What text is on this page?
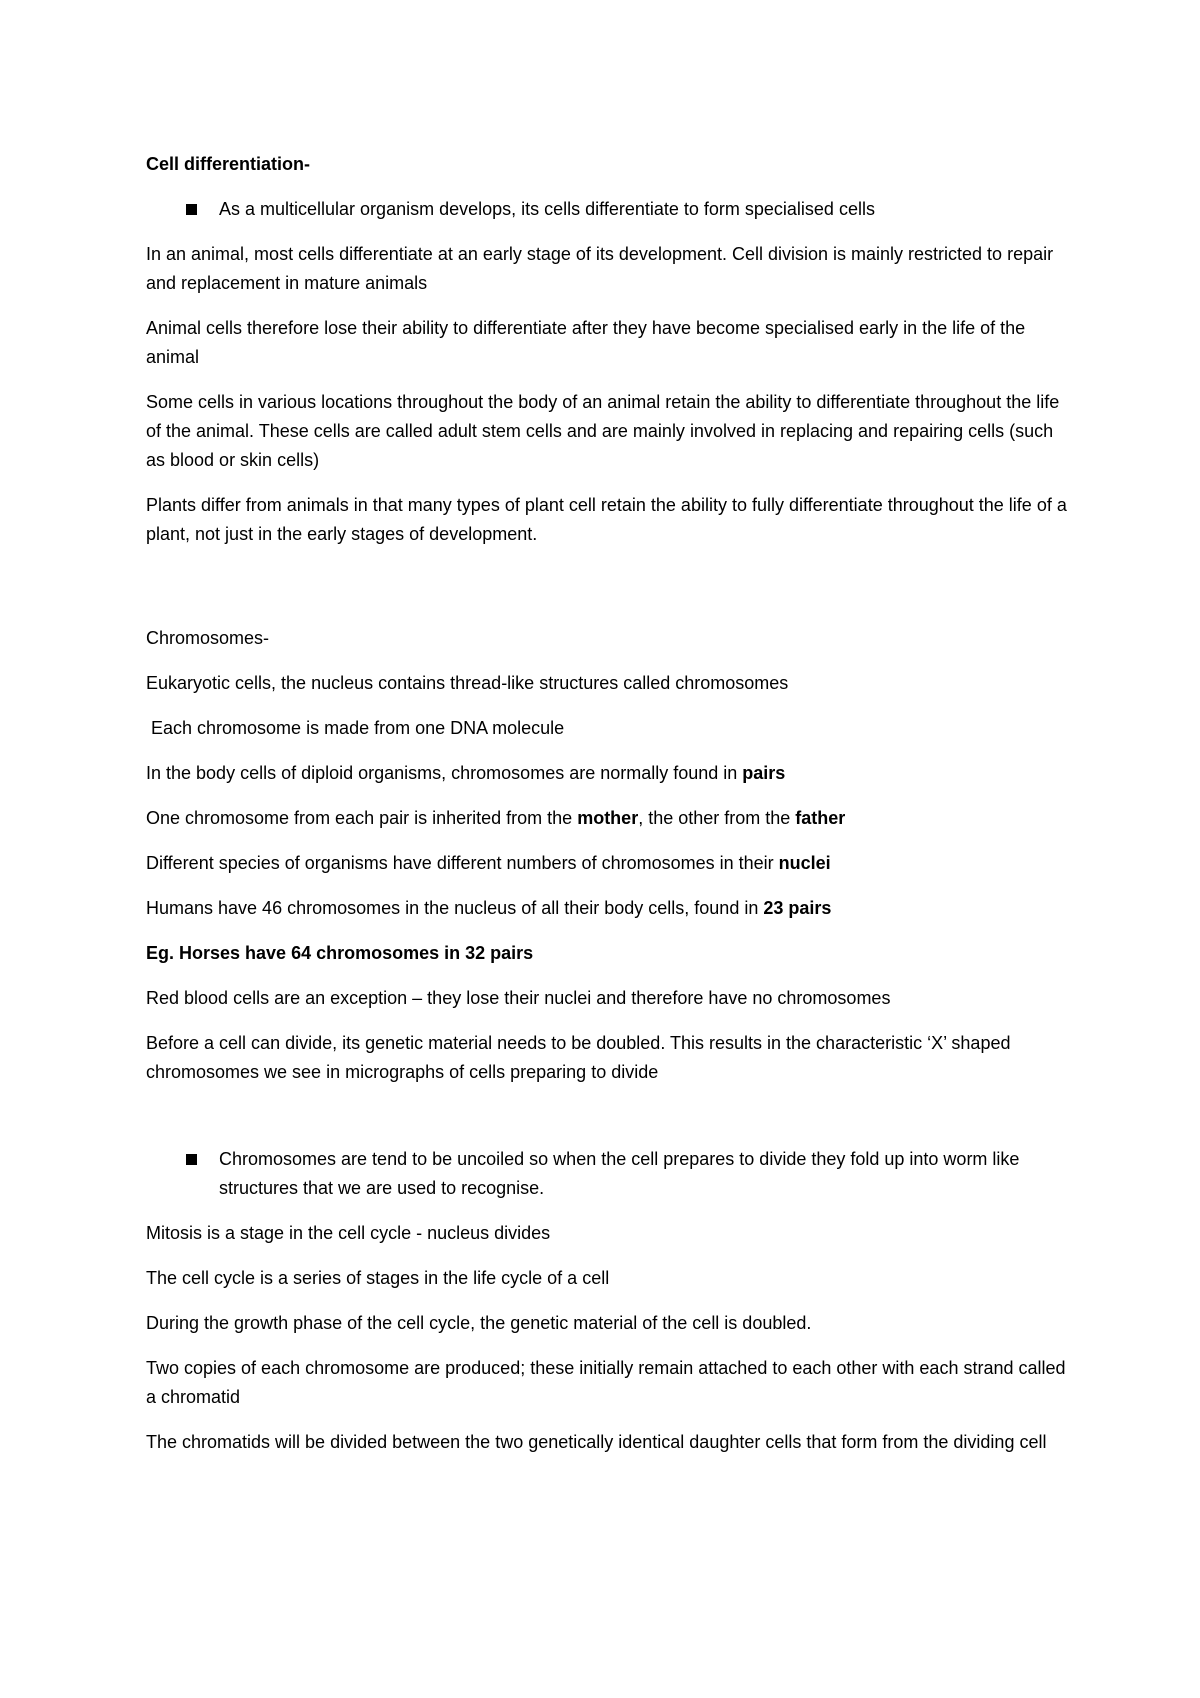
Cell differentiation-
As a multicellular organism develops, its cells differentiate to form specialised cells
In an animal, most cells differentiate at an early stage of its development. Cell division is mainly restricted to repair and replacement in mature animals
Animal cells therefore lose their ability to differentiate after they have become specialised early in the life of the animal
Some cells in various locations throughout the body of an animal retain the ability to differentiate throughout the life of the animal. These cells are called adult stem cells and are mainly involved in replacing and repairing cells (such as blood or skin cells)
Plants differ from animals in that many types of plant cell retain the ability to fully differentiate throughout the life of a plant, not just in the early stages of development.
Chromosomes-
Eukaryotic cells, the nucleus contains thread-like structures called chromosomes
Each chromosome is made from one DNA molecule
In the body cells of diploid organisms, chromosomes are normally found in pairs
One chromosome from each pair is inherited from the mother, the other from the father
Different species of organisms have different numbers of chromosomes in their nuclei
Humans have 46 chromosomes in the nucleus of all their body cells, found in 23 pairs
Eg. Horses have 64 chromosomes in 32 pairs
Red blood cells are an exception – they lose their nuclei and therefore have no chromosomes
Before a cell can divide, its genetic material needs to be doubled. This results in the characteristic ‘X’ shaped chromosomes we see in micrographs of cells preparing to divide
Chromosomes are tend to be uncoiled so when the cell prepares to divide they fold up into worm like structures that we are used to recognise.
Mitosis is a stage in the cell cycle - nucleus divides
The cell cycle is a series of stages in the life cycle of a cell
During the growth phase of the cell cycle, the genetic material of the cell is doubled.
Two copies of each chromosome are produced; these initially remain attached to each other with each strand called a chromatid
The chromatids will be divided between the two genetically identical daughter cells that form from the dividing cell
